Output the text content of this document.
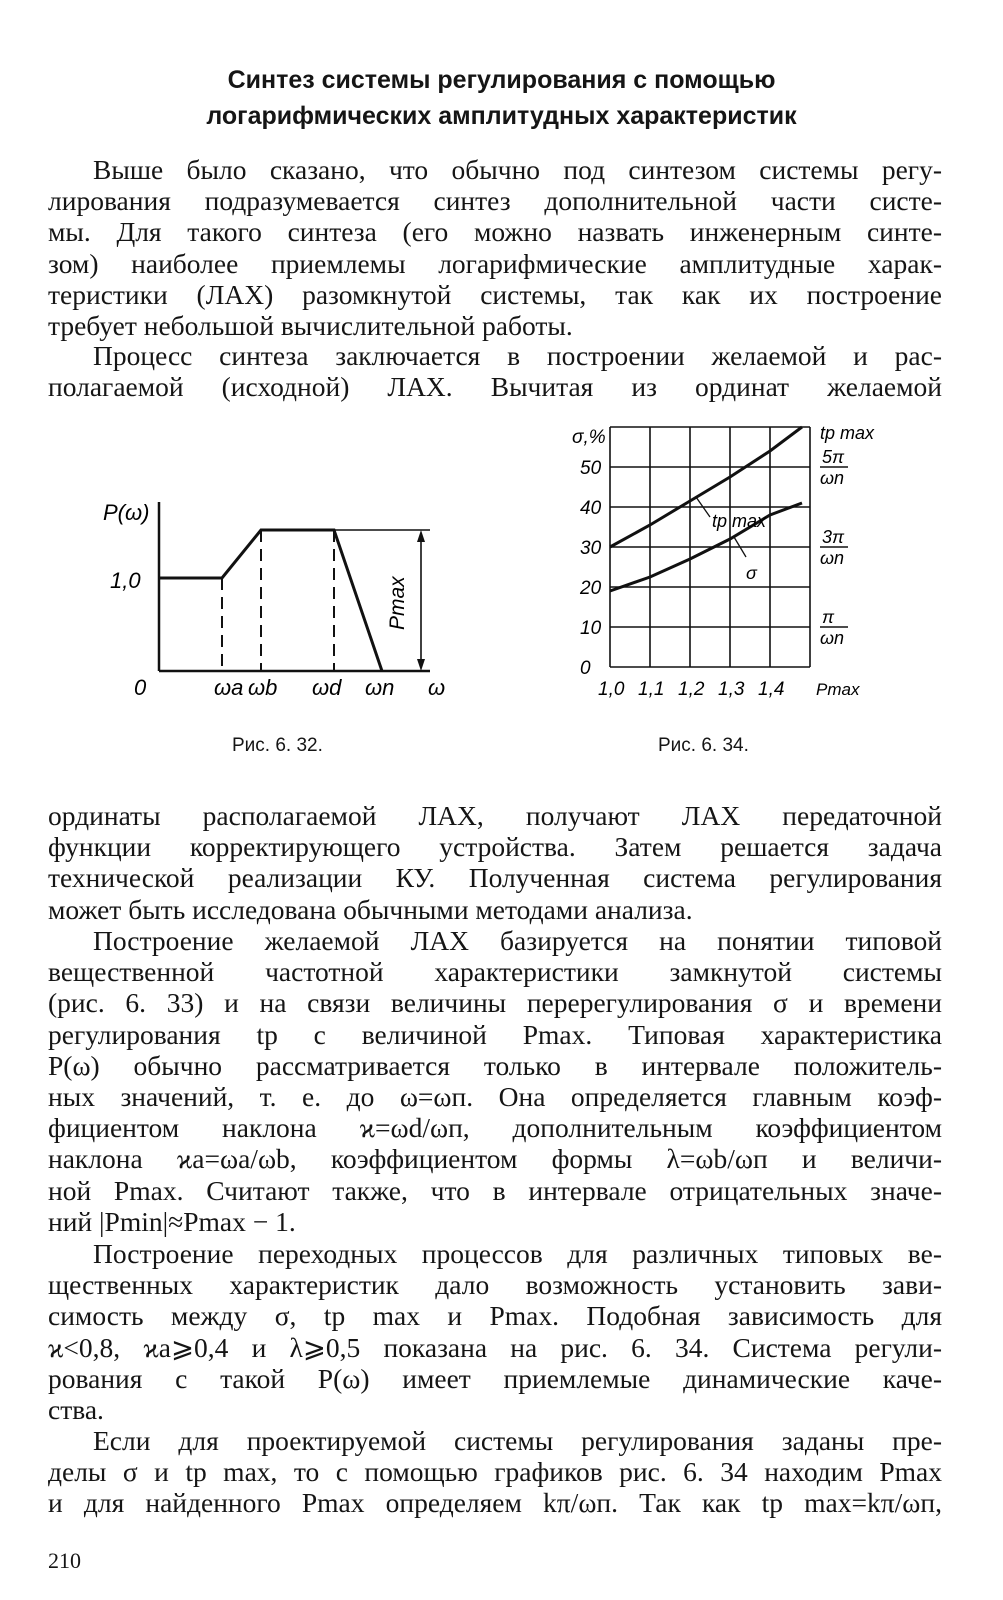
Синтез системы регулирования с помощью
логарифмических амплитудных характеристик
Выше было сказано, что обычно под синтезом системы регу-
лирования подразумевается синтез дополнительной части систе-
мы. Для такого синтеза (его можно назвать инженерным синте-
зом) наиболее приемлемы логарифмические амплитудные харак-
теристики (ЛАХ) разомкнутой системы, так как их построение
требует небольшой вычислительной работы.
Процесс синтеза заключается в построении желаемой и рас-
полагаемой (исходной) ЛАХ. Вычитая из ординат желаемой
P(ω)
1,0
0
Pmax
ωa ωb ωd ωn ω
Рис. 6. 32.
1,0 1,1 1,2 1,3 1,4
0
10
20
30
40
50
σ,%
Pmax
tp max
σ
tp max
5π
ωn
3π
ωn
π
ωn
Рис. 6. 34.
ординаты располагаемой ЛАХ, получают ЛАХ передаточной
функции корректирующего устройства. Затем решается задача
технической реализации КУ. Полученная система регулирования
может быть исследована обычными методами анализа.
Построение желаемой ЛАХ базируется на понятии типовой
вещественной частотной характеристики замкнутой системы
(рис. 6. 33) и на связи величины перерегулирования σ и времени
регулирования tр с величиной Pmax. Типовая характеристика
P(ω) обычно рассматривается только в интервале положитель-
ных значений, т. е. до ω=ωп. Она определяется главным коэф-
фициентом наклона ϰ=ωd/ωп, дополнительным коэффициентом
наклона ϰa=ωa/ωb, коэффициентом формы λ=ωb/ωп и величи-
ной Pmax. Считают также, что в интервале отрицательных значе-
ний |Pmin|≈Pmax − 1.
Построение переходных процессов для различных типовых ве-
щественных характеристик дало возможность установить зави-
симость между σ, tр max и Pmax. Подобная зависимость для
ϰ<0,8, ϰa⩾0,4 и λ⩾0,5 показана на рис. 6. 34. Система регули-
рования с такой P(ω) имеет приемлемые динамические каче-
ства.
Если для проектируемой системы регулирования заданы пре-
делы σ и tр max, то с помощью графиков рис. 6. 34 находим Pmax
и для найденного Pmax определяем kπ/ωп. Так как tр max=kπ/ωп,
210
